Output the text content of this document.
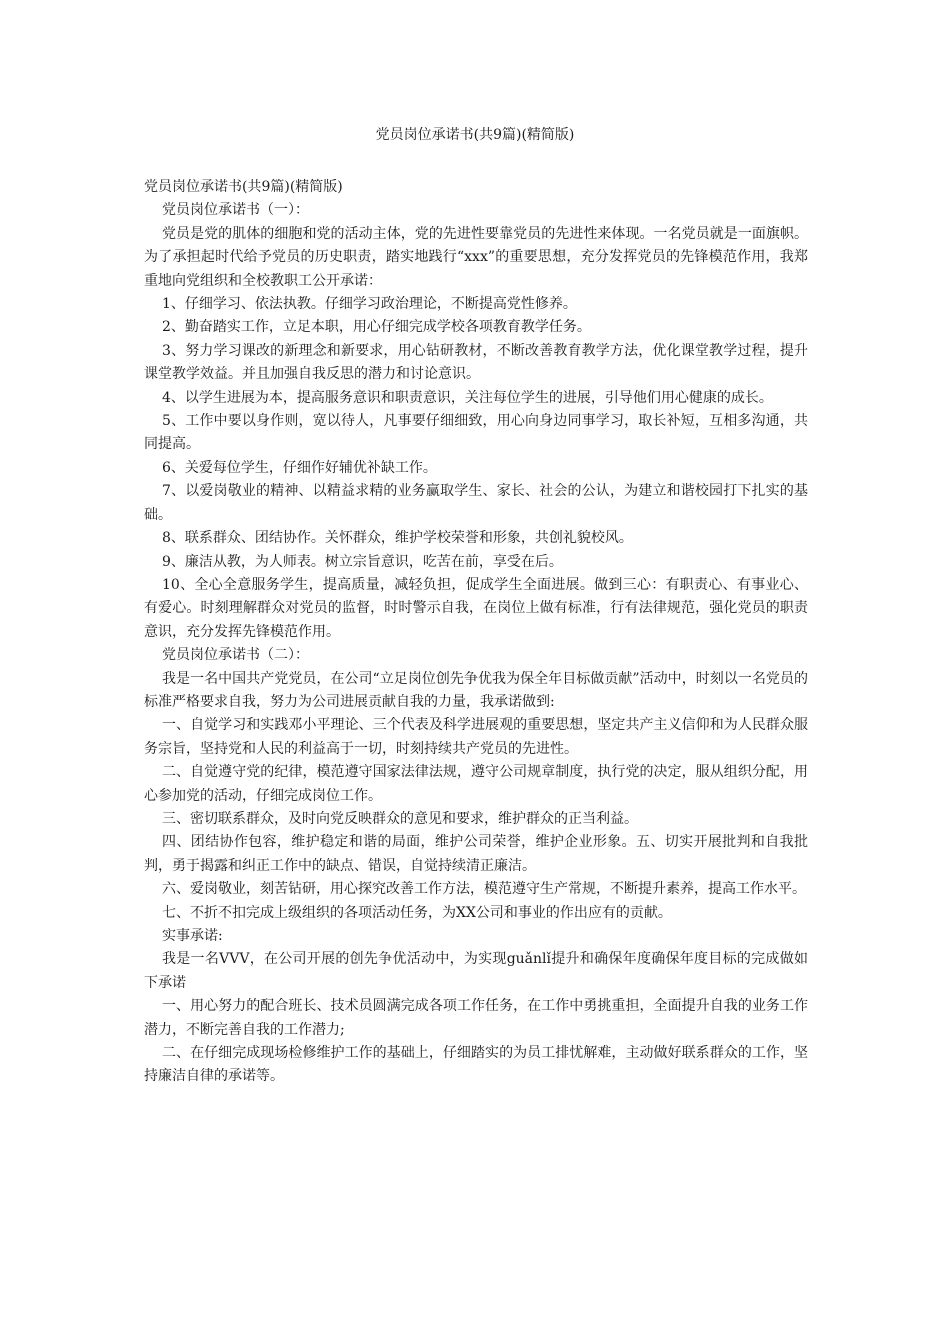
党员岗位承诺书(共9篇)(精简版)

党员岗位承诺书(共9篇)(精简版)

党员岗位承诺书（一）：

党员是党的肌体的细胞和党的活动主体，党的先进性要靠党员的先进性来体现。一名党员就是一面旗帜。为了承担起时代给予党员的历史职责，踏实地践行“xxx”的重要思想，充分发挥党员的先锋模范作用，我郑重地向党组织和全校教职工公开承诺：

1、仔细学习、依法执教。仔细学习政治理论，不断提高党性修养。

2、勤奋踏实工作，立足本职，用心仔细完成学校各项教育教学任务。

3、努力学习课改的新理念和新要求，用心钻研教材，不断改善教育教学方法，优化课堂教学过程，提升课堂教学效益。并且加强自我反思的潜力和讨论意识。

4、以学生进展为本，提高服务意识和职责意识，关注每位学生的进展，引导他们用心健康的成长。

5、工作中要以身作则，宽以待人，凡事要仔细细致，用心向身边同事学习，取长补短，互相多沟通，共同提高。

6、关爱每位学生，仔细作好辅优补缺工作。

7、以爱岗敬业的精神、以精益求精的业务赢取学生、家长、社会的公认，为建立和谐校园打下扎实的基础。

8、联系群众、团结协作。关怀群众，维护学校荣誉和形象，共创礼貌校风。

9、廉洁从教，为人师表。树立宗旨意识，吃苦在前，享受在后。

10、全心全意服务学生，提高质量，减轻负担，促成学生全面进展。做到三心：有职责心、有事业心、有爱心。时刻理解群众对党员的监督，时时警示自我，在岗位上做有标准，行有法律规范，强化党员的职责意识，充分发挥先锋模范作用。

党员岗位承诺书（二）：

我是一名中国共产党党员，在公司“立足岗位创先争优我为保全年目标做贡献”活动中，时刻以一名党员的标准严格要求自我，努力为公司进展贡献自我的力量，我承诺做到:

一、自觉学习和实践邓小平理论、三个代表及科学进展观的重要思想，坚定共产主义信仰和为人民群众服务宗旨，坚持党和人民的利益高于一切，时刻持续共产党员的先进性。

二、自觉遵守党的纪律，模范遵守国家法律法规，遵守公司规章制度，执行党的决定，服从组织分配，用心参加党的活动，仔细完成岗位工作。

三、密切联系群众，及时向党反映群众的意见和要求，维护群众的正当利益。

四、团结协作包容，维护稳定和谐的局面，维护公司荣誉，维护企业形象。五、切实开展批判和自我批判，勇于揭露和纠正工作中的缺点、错误，自觉持续清正廉洁。

六、爱岗敬业，刻苦钻研，用心探究改善工作方法，模范遵守生产常规，不断提升素养，提高工作水平。

七、不折不扣完成上级组织的各项活动任务，为XX公司和事业的作出应有的贡献。

实事承诺:

我是一名VVV，在公司开展的创先争优活动中，为实现guǎnlǐ提升和确保年度确保年度目标的完成做如下承诺

一、用心努力的配合班长、技术员圆满完成各项工作任务，在工作中勇挑重担，全面提升自我的业务工作潜力，不断完善自我的工作潜力;

二、在仔细完成现场检修维护工作的基础上，仔细踏实的为员工排忧解难，主动做好联系群众的工作，坚持廉洁自律的承诺等。
